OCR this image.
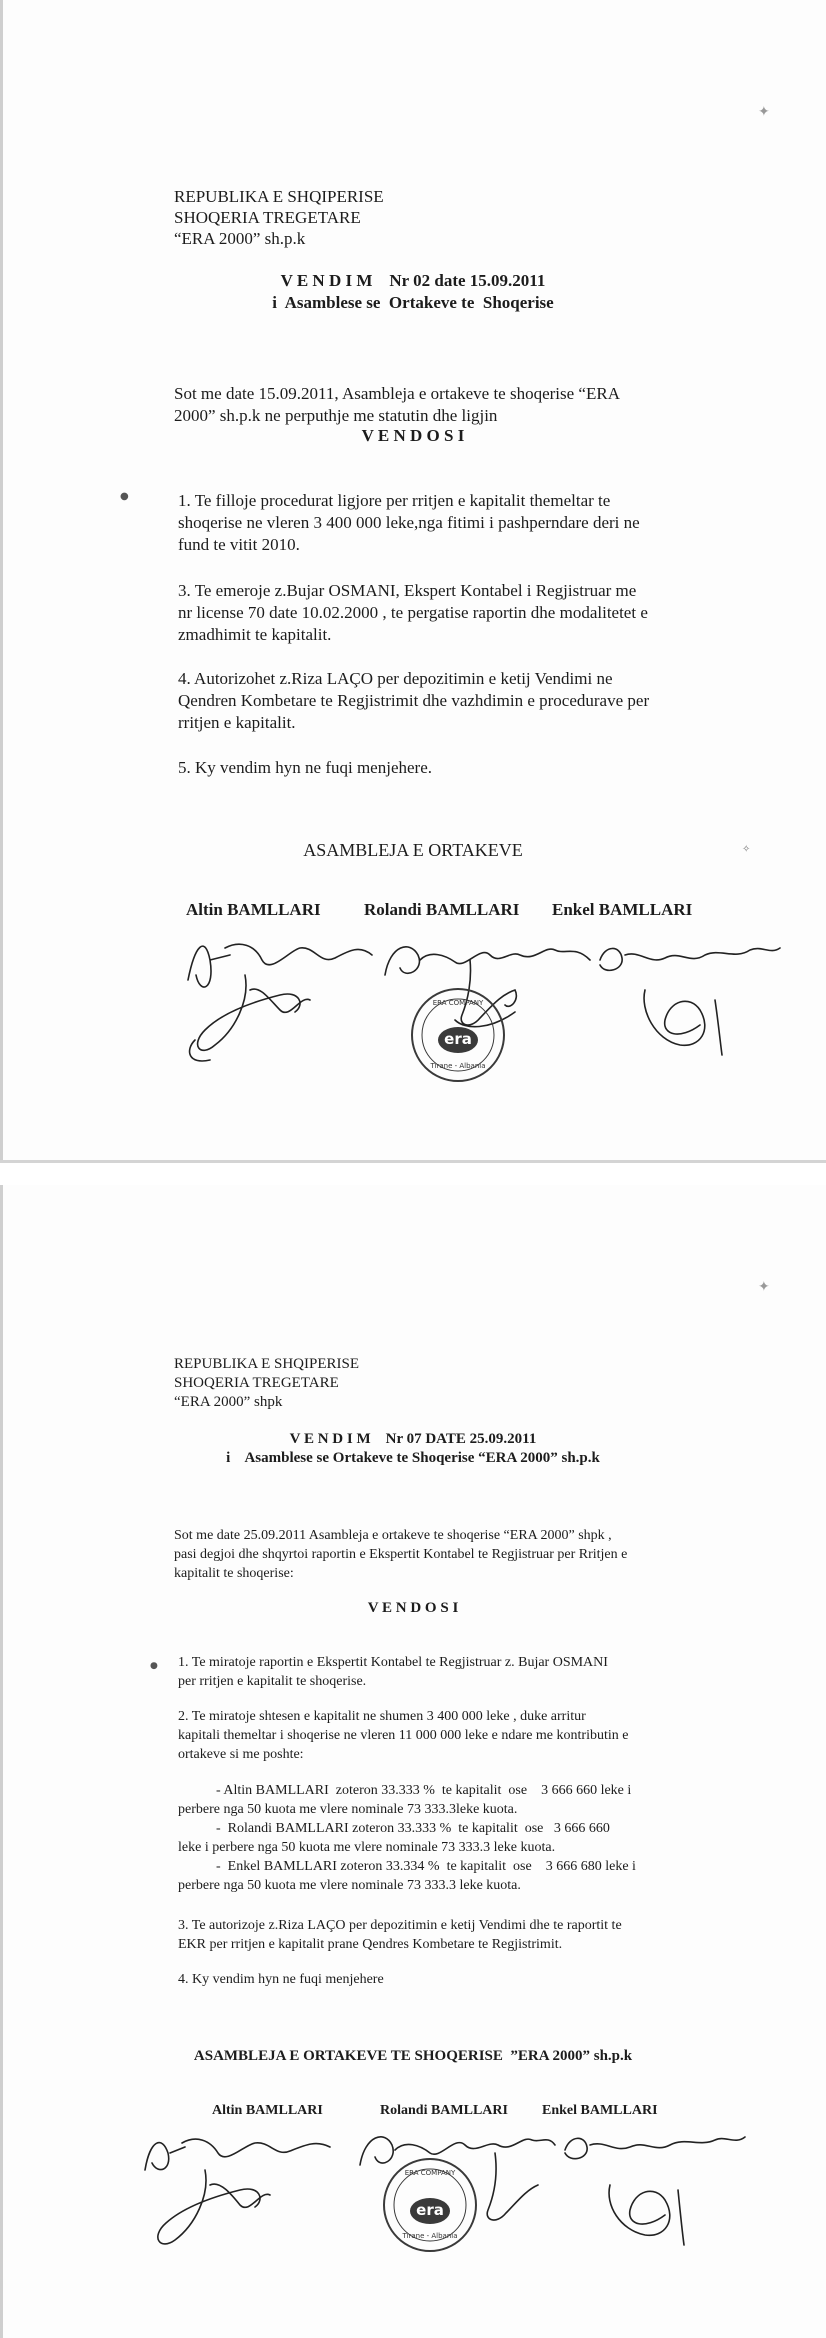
✦
REPUBLIKA E SHQIPERISE
SHOQERIA TREGETARE
“ERA 2000” sh.p.k
V E N D I M    Nr 02 date 15.09.2011
i  Asamblese se  Ortakeve te  Shoqerise
Sot me date 15.09.2011, Asambleja e ortakeve te shoqerise “ERA
2000” sh.p.k ne perputhje me statutin dhe ligjin
V E N D O S I
●	1. Te filloje procedurat ligjore per rritjen e kapitalit themeltar te
shoqerise ne vleren 3 400 000 leke,nga fitimi i pashperndare deri ne
fund te vitit 2010.
3. Te emeroje z.Bujar OSMANI, Ekspert Kontabel i Regjistruar me
nr license 70 date 10.02.2000 , te pergatise raportin dhe modalitetet e
zmadhimit te kapitalit.
4. Autorizohet z.Riza LAÇO per depozitimin e ketij Vendimi ne
Qendren Kombetare te Regjistrimit dhe vazhdimin e procedurave per
rritjen e kapitalit.
5. Ky vendim hyn ne fuqi menjehere.
ASAMBLEJA E ORTAKEVE	✧
Altin BAMLLARI	Rolandi BAMLLARI Enkel BAMLLARI
era
ERA COMPANY
Tirane - Albania
✦
REPUBLIKA E SHQIPERISE
SHOQERIA TREGETARE
“ERA 2000” shpk
V E N D I M    Nr 07 DATE 25.09.2011
i    Asamblese se Ortakeve te Shoqerise “ERA 2000” sh.p.k
Sot me date 25.09.2011 Asambleja e ortakeve te shoqerise “ERA 2000” shpk ,
pasi degjoi dhe shqyrtoi raportin e Ekspertit Kontabel te Regjistruar per Rritjen e
kapitalit te shoqerise:
V E N D O S I
● 1. Te miratoje raportin e Ekspertit Kontabel te Regjistruar z. Bujar OSMANI
per rritjen e kapitalit te shoqerise.
2. Te miratoje shtesen e kapitalit ne shumen 3 400 000 leke , duke arritur
kapitali themeltar i shoqerise ne vleren 11 000 000 leke e ndare me kontributin e
ortakeve si me poshte:
- Altin BAMLLARI  zoteron 33.333 %  te kapitalit  ose    3 666 660 leke i
perbere nga 50 kuota me vlere nominale 73 333.3leke kuota.
-  Rolandi BAMLLARI zoteron 33.333 %  te kapitalit  ose   3 666 660
leke i perbere nga 50 kuota me vlere nominale 73 333.3 leke kuota.
-  Enkel BAMLLARI zoteron 33.334 %  te kapitalit  ose    3 666 680 leke i
perbere nga 50 kuota me vlere nominale 73 333.3 leke kuota.
3. Te autorizoje z.Riza LAÇO per depozitimin e ketij Vendimi dhe te raportit te
EKR per rritjen e kapitalit prane Qendres Kombetare te Regjistrimit.
4. Ky vendim hyn ne fuqi menjehere
ASAMBLEJA E ORTAKEVE TE SHOQERISE  ”ERA 2000” sh.p.k
Altin BAMLLARI	Rolandi BAMLLARI Enkel BAMLLARI
era
ERA COMPANY
Tirane - Albania
